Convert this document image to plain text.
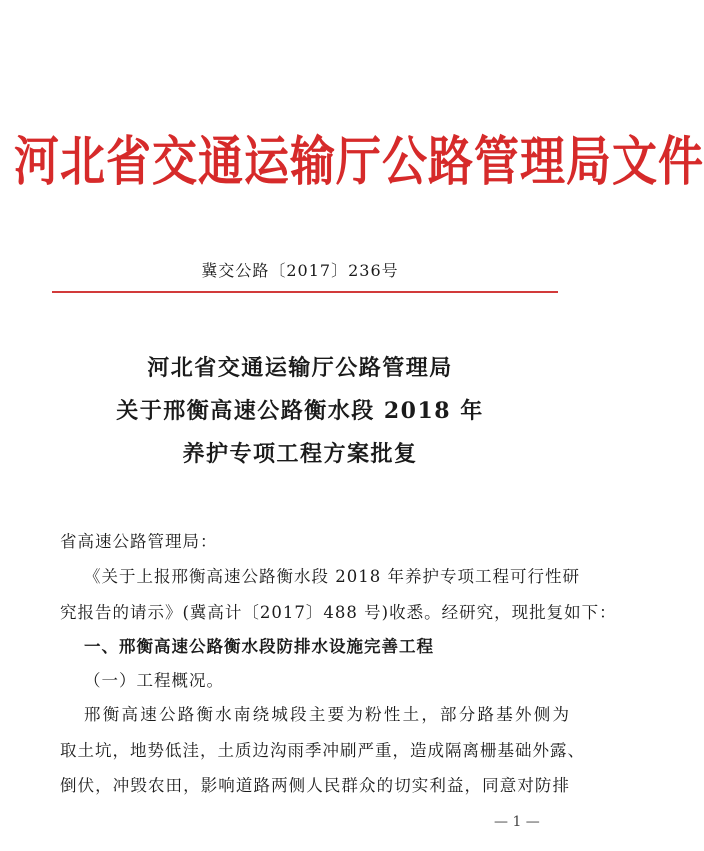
河北省交通运输厅公路管理局文件
冀交公路〔2017〕236号
河北省交通运输厅公路管理局
关于邢衡高速公路衡水段 2018 年
养护专项工程方案批复
省高速公路管理局：
《关于上报邢衡高速公路衡水段 2018 年养护专项工程可行性研
究报告的请示》(冀高计〔2017〕488 号)收悉。经研究，现批复如下：
一、邢衡高速公路衡水段防排水设施完善工程
（一）工程概况。
邢衡高速公路衡水南绕城段主要为粉性土，部分路基外侧为
取土坑，地势低洼，土质边沟雨季冲刷严重，造成隔离栅基础外露、
倒伏，冲毁农田，影响道路两侧人民群众的切实利益，同意对防排
— 1 —
